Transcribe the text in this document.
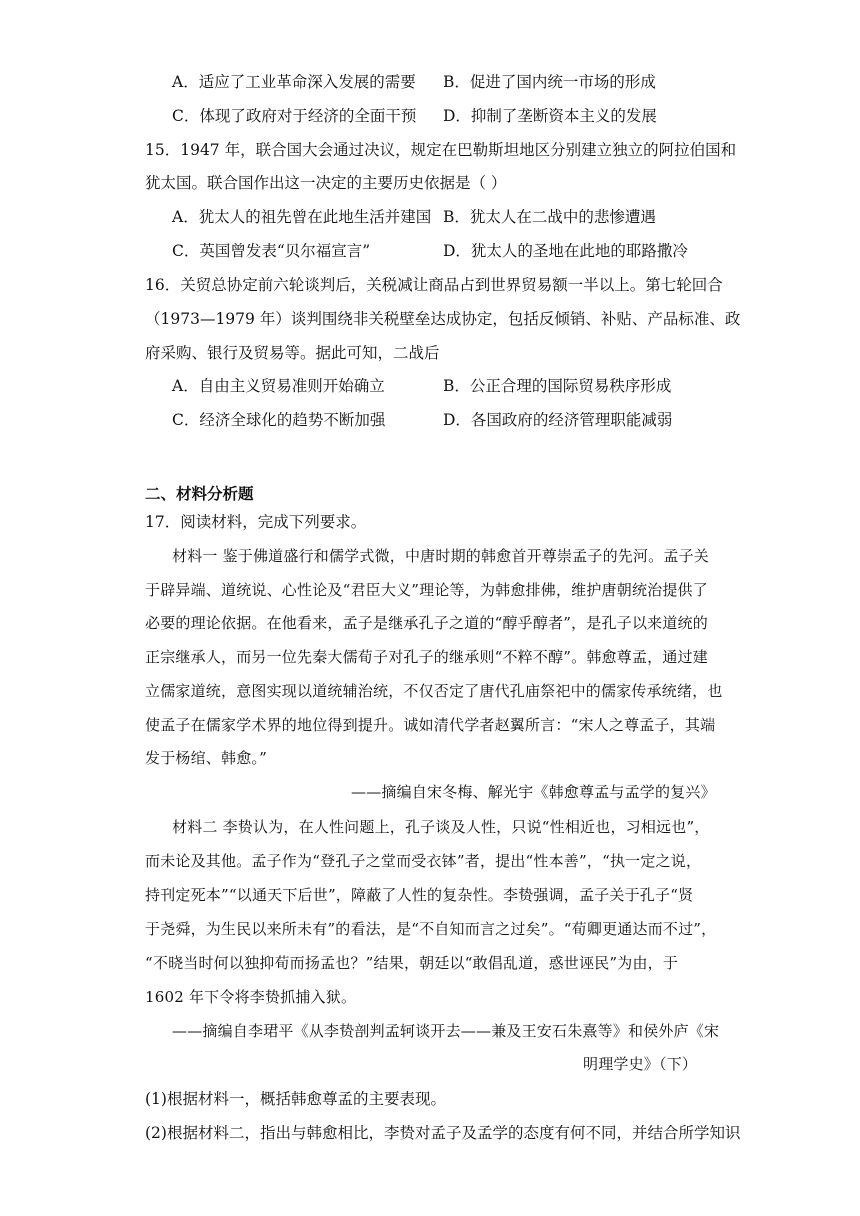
A．适应了工业革命深入发展的需要 B．促进了国内统一市场的形成
C．体现了政府对于经济的全面干预 D．抑制了垄断资本主义的发展
15．1947 年，联合国大会通过决议，规定在巴勒斯坦地区分别建立独立的阿拉伯国和
犹太国。联合国作出这一决定的主要历史依据是（ ）
A．犹太人的祖先曾在此地生活并建国 B．犹太人在二战中的悲惨遭遇
C．英国曾发表“贝尔福宣言”	D．犹太人的圣地在此地的耶路撒冷
16．关贸总协定前六轮谈判后，关税减让商品占到世界贸易额一半以上。第七轮回合
（1973—1979 年）谈判围绕非关税壁垒达成协定，包括反倾销、补贴、产品标准、政
府采购、银行及贸易等。据此可知，二战后
A．自由主义贸易准则开始确立	B．公正合理的国际贸易秩序形成
C．经济全球化的趋势不断加强	D．各国政府的经济管理职能减弱
二、材料分析题
17．阅读材料，完成下列要求。
材料一 鉴于佛道盛行和儒学式微，中唐时期的韩愈首开尊崇孟子的先河。孟子关
于辟异端、道统说、心性论及“君臣大义”理论等，为韩愈排佛，维护唐朝统治提供了
必要的理论依据。在他看来，孟子是继承孔子之道的“醇乎醇者”，是孔子以来道统的
正宗继承人，而另一位先秦大儒荀子对孔子的继承则“不粹不醇”。韩愈尊孟，通过建
立儒家道统，意图实现以道统辅治统，不仅否定了唐代孔庙祭祀中的儒家传承统绪，也
使孟子在儒家学术界的地位得到提升。诚如清代学者赵翼所言：“宋人之尊孟子，其端
发于杨绾、韩愈。”
——摘编自宋冬梅、解光宇《韩愈尊孟与孟学的复兴》
材料二 李贽认为，在人性问题上，孔子谈及人性，只说“性相近也，习相远也”，
而未论及其他。孟子作为“登孔子之堂而受衣钵”者，提出“性本善”，“执一定之说，
持刊定死本”“以通天下后世”，障蔽了人性的复杂性。李贽强调，孟子关于孔子“贤
于尧舜，为生民以来所未有”的看法，是“不自知而言之过矣”。“荀卿更通达而不过”，
“不晓当时何以独抑荀而扬孟也？”结果，朝廷以“敢倡乱道，惑世诬民”为由，于
1602 年下令将李贽抓捕入狱。
——摘编自李珺平《从李贽剖判孟轲谈开去——兼及王安石朱熹等》和侯外庐《宋
明理学史》（下）
(1)根据材料一，概括韩愈尊孟的主要表现。
(2)根据材料二，指出与韩愈相比，李贽对孟子及孟学的态度有何不同，并结合所学知识
